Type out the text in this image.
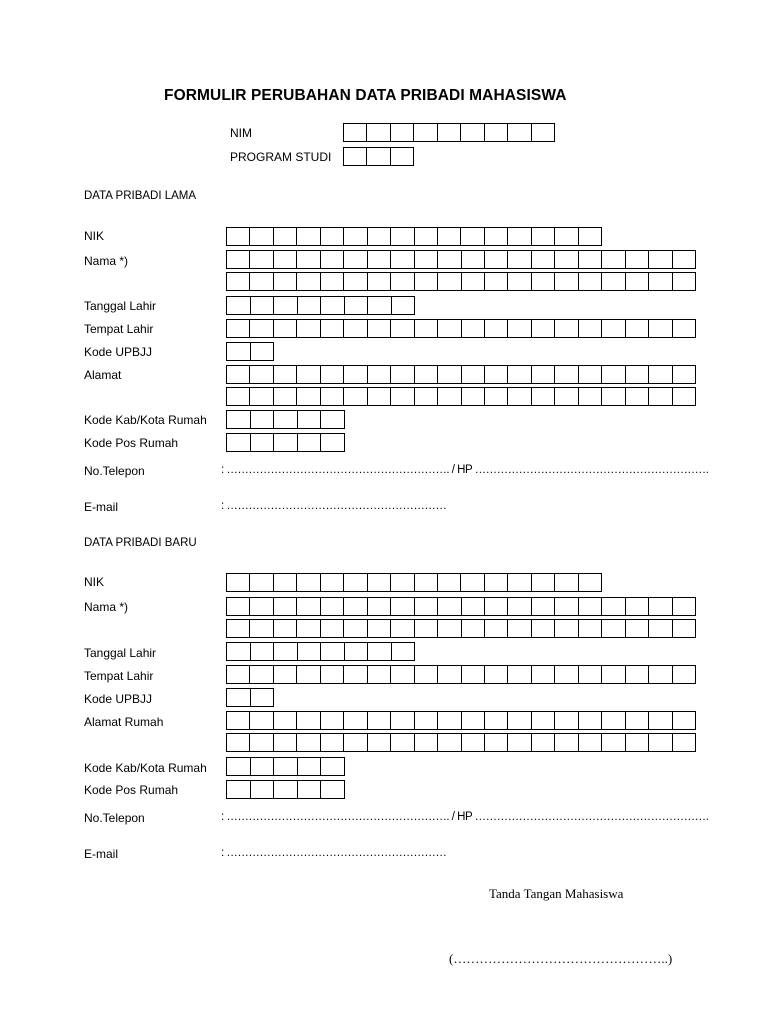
FORMULIR PERUBAHAN DATA PRIBADI MAHASISWA
NIM
PROGRAM STUDI
DATA PRIBADI LAMA
NIK
Nama *)
Tanggal Lahir
Tempat Lahir
Kode UPBJJ
Alamat
Kode Kab/Kota Rumah
Kode Pos Rumah
No.Telepon	: ……………………………………………………. / HP ……………………………………………………….
E-mail	: ……………………………………………………
DATA PRIBADI BARU
NIK
Nama *)
Tanggal Lahir
Tempat Lahir
Kode UPBJJ
Alamat Rumah
Kode Kab/Kota Rumah
Kode Pos Rumah
No.Telepon	: ……………………………………………………. / HP ……………………………………………………….
E-mail	: ……………………………………………………
Tanda Tangan Mahasiswa
(…………………………………………..)
